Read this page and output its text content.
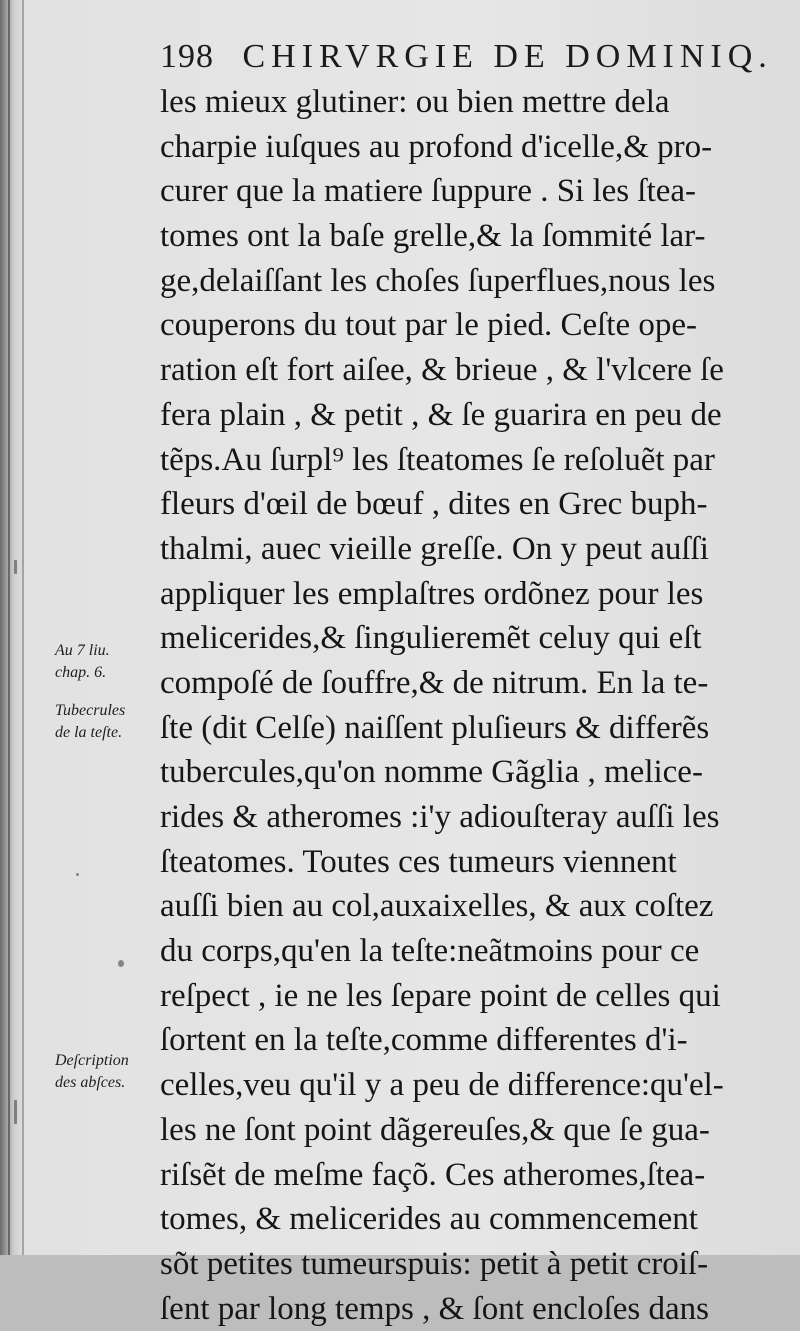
198 CHIRVRGIE DE DOMINIQ.
les mieux glutiner: ou bien mettre dela
charpie iuſques au profond d'icelle,& pro-
curer que la matiere ſuppure . Si les ſtea-
tomes ont la baſe grelle,& la ſommité lar-
ge,delaiſſant les choſes ſuperflues,nous les
couperons du tout par le pied. Ceſte ope-
ration eſt fort aiſee, & brieue , & l'vlcere ſe
fera plain , & petit , & ſe guarira en peu de
tẽps.Au ſurpl⁹ les ſteatomes ſe reſoluẽt par
fleurs d'œil de bœuf , dites en Grec buph-
thalmi, auec vieille greſſe. On y peut auſſi
appliquer les emplaſtres ordõnez pour les
melicerides,& ſingulieremẽt celuy qui eſt
compoſé de ſouffre,& de nitrum. En la te-
ſte (dit Celſe) naiſſent pluſieurs & differẽs
tubercules,qu'on nomme Gãglia , melice-
rides & atheromes :i'y adiouſteray auſſi les
ſteatomes. Toutes ces tumeurs viennent
auſſi bien au col,auxaixelles, & aux coſtez
du corps,qu'en la teſte:neãtmoins pour ce
reſpect , ie ne les ſepare point de celles qui
ſortent en la teſte,comme differentes d'i-
celles,veu qu'il y a peu de difference:qu'el-
les ne ſont point dãgereuſes,& que ſe gua-
riſsẽt de meſme façõ. Ces atheromes,ſtea-
tomes, & melicerides au commencement
sõt petites tumeurspuis: petit à petit croiſ-
ſent par long temps , & ſont encloſes dans
Au 7 liu.
chap. 6.
Tubecrules
de la teſte.
Deſcription
des abſces.
